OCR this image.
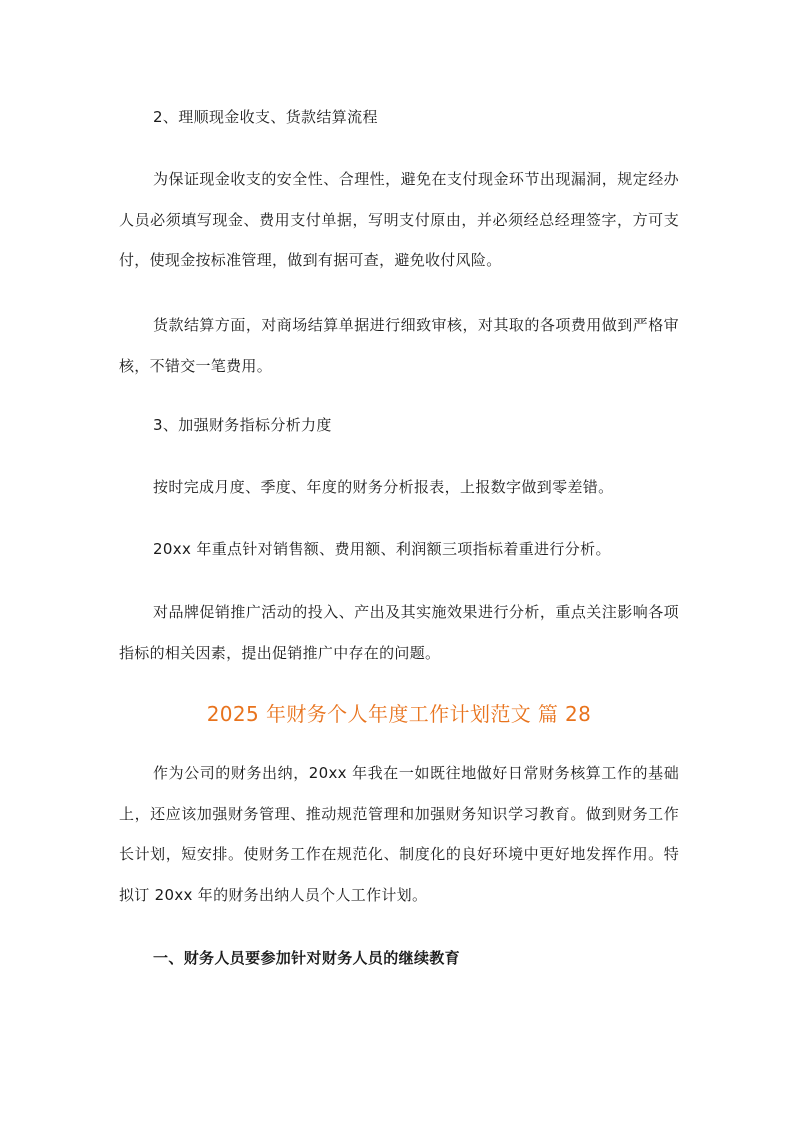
2、理顺现金收支、货款结算流程
为保证现金收支的安全性、合理性，避免在支付现金环节出现漏洞，规定经办人员必须填写现金、费用支付单据，写明支付原由，并必须经总经理签字，方可支付，使现金按标准管理，做到有据可查，避免收付风险。
货款结算方面，对商场结算单据进行细致审核，对其取的各项费用做到严格审核，不错交一笔费用。
3、加强财务指标分析力度
按时完成月度、季度、年度的财务分析报表，上报数字做到零差错。
20xx 年重点针对销售额、费用额、利润额三项指标着重进行分析。
对品牌促销推广活动的投入、产出及其实施效果进行分析，重点关注影响各项指标的相关因素，提出促销推广中存在的问题。
2025 年财务个人年度工作计划范文 篇 28
作为公司的财务出纳，20xx 年我在一如既往地做好日常财务核算工作的基础上，还应该加强财务管理、推动规范管理和加强财务知识学习教育。做到财务工作长计划，短安排。使财务工作在规范化、制度化的良好环境中更好地发挥作用。特拟订 20xx 年的财务出纳人员个人工作计划。
一、财务人员要参加针对财务人员的继续教育
